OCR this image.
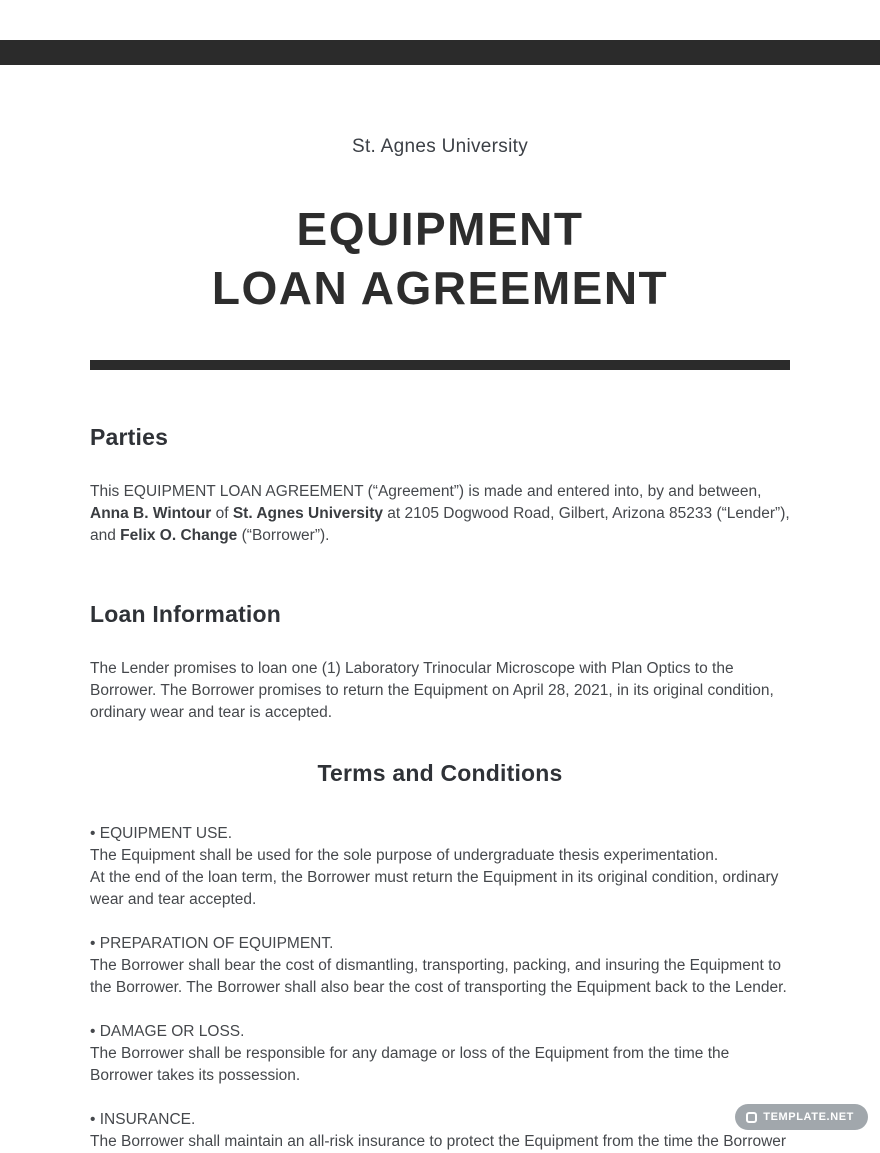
St. Agnes University
EQUIPMENT
LOAN AGREEMENT
Parties

This EQUIPMENT LOAN AGREEMENT (“Agreement”) is made and entered into, by and between, Anna B. Wintour of St. Agnes University at 2105 Dogwood Road, Gilbert, Arizona 85233 (“Lender”), and Felix O. Change (“Borrower”).

Loan Information

The Lender promises to loan one (1) Laboratory Trinocular Microscope with Plan Optics to the Borrower. The Borrower promises to return the Equipment on April 28, 2021, in its original condition, ordinary wear and tear is accepted.

Terms and Conditions
• EQUIPMENT USE.
The Equipment shall be used for the sole purpose of undergraduate thesis experimentation.
At the end of the loan term, the Borrower must return the Equipment in its original condition, ordinary wear and tear accepted.
• PREPARATION OF EQUIPMENT.
The Borrower shall bear the cost of dismantling, transporting, packing, and insuring the Equipment to the Borrower. The Borrower shall also bear the cost of transporting the Equipment back to the Lender.
• DAMAGE OR LOSS.
The Borrower shall be responsible for any damage or loss of the Equipment from the time the Borrower takes its possession.
• INSURANCE.
The Borrower shall maintain an all-risk insurance to protect the Equipment from the time the Borrower
TEMPLATE.NET
